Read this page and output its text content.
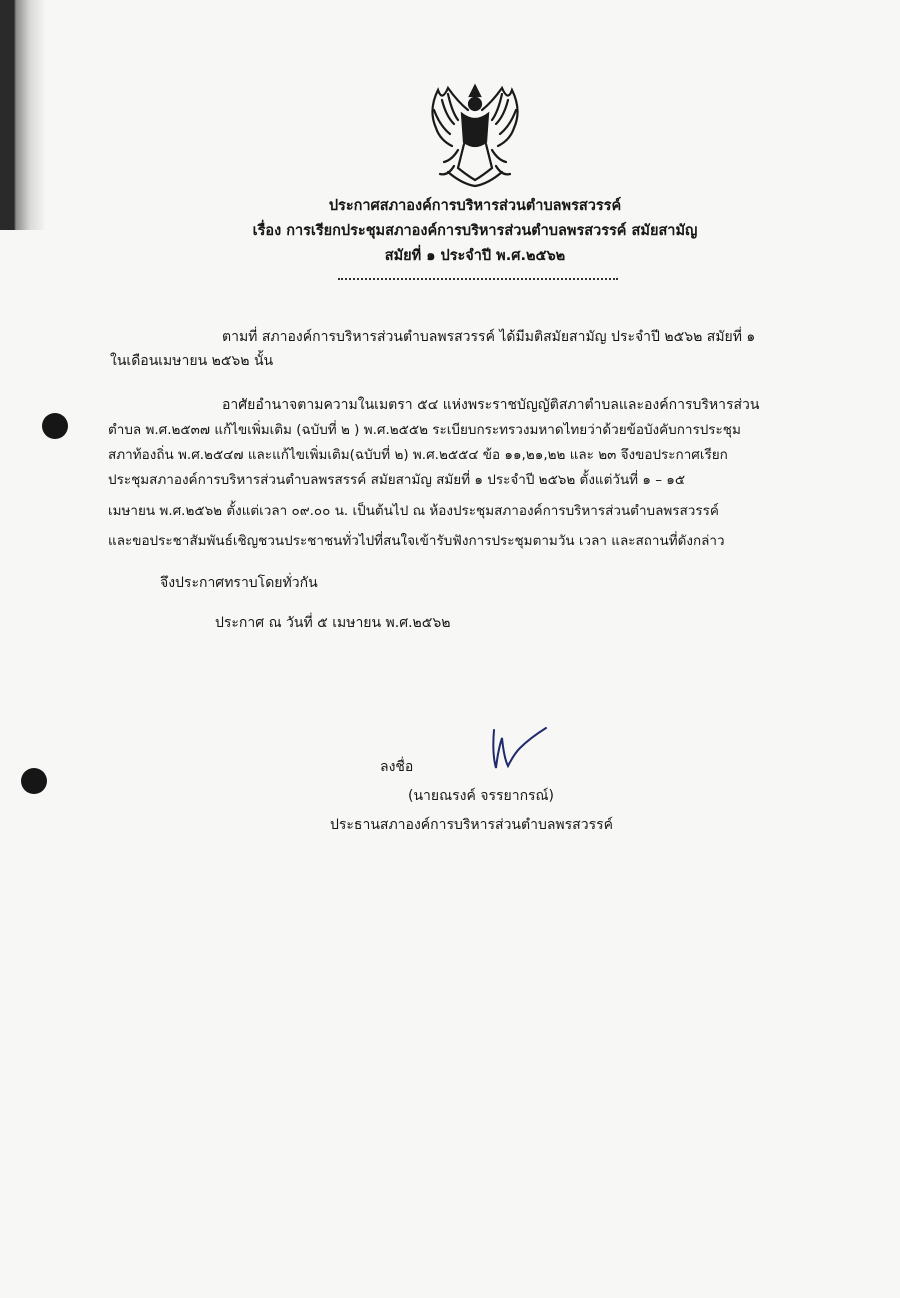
ประกาศสภาองค์การบริหารส่วนตำบลพรสวรรค์
เรื่อง การเรียกประชุมสภาองค์การบริหารส่วนตำบลพรสวรรค์ สมัยสามัญ
สมัยที่ ๑ ประจำปี พ.ศ.๒๕๖๒
ตามที่ สภาองค์การบริหารส่วนตำบลพรสวรรค์ ได้มีมติสมัยสามัญ ประจำปี ๒๕๖๒ สมัยที่ ๑
ในเดือนเมษายน ๒๕๖๒ นั้น
อาศัยอำนาจตามความในเมตรา ๕๔ แห่งพระราชบัญญัติสภาตำบลและองค์การบริหารส่วน
ตำบล พ.ศ.๒๕๓๗ แก้ไขเพิ่มเติม (ฉบับที่ ๒ ) พ.ศ.๒๕๕๒ ระเบียบกระทรวงมหาดไทยว่าด้วยข้อบังคับการประชุม
สภาท้องถิ่น พ.ศ.๒๕๔๗ และแก้ไขเพิ่มเติม(ฉบับที่ ๒) พ.ศ.๒๕๕๔ ข้อ ๑๑,๒๑,๒๒ และ ๒๓ จึงขอประกาศเรียก
ประชุมสภาองค์การบริหารส่วนตำบลพรสรรค์ สมัยสามัญ สมัยที่ ๑ ประจำปี ๒๕๖๒ ตั้งแต่วันที่ ๑ – ๑๕
เมษายน พ.ศ.๒๕๖๒ ตั้งแต่เวลา ๐๙.๐๐ น. เป็นต้นไป ณ ห้องประชุมสภาองค์การบริหารส่วนตำบลพรสวรรค์
และขอประชาสัมพันธ์เชิญชวนประชาชนทั่วไปที่สนใจเข้ารับฟังการประชุมตามวัน เวลา และสถานที่ดังกล่าว
จึงประกาศทราบโดยทั่วกัน
ประกาศ ณ วันที่ ๕ เมษายน พ.ศ.๒๕๖๒
ลงชื่อ
(นายณรงค์ จรรยากรณ์)
ประธานสภาองค์การบริหารส่วนตำบลพรสวรรค์
